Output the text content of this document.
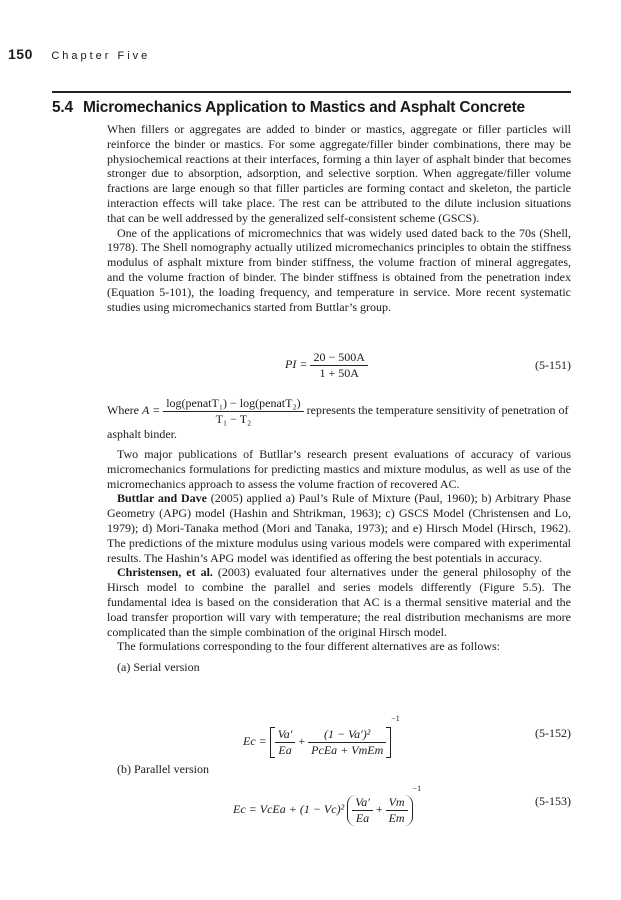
150 Chapter Five
5.4 Micromechanics Application to Mastics and Asphalt Concrete

When fillers or aggregates are added to binder or mastics, aggregate or filler particles will reinforce the binder or mastics. For some aggregate/filler binder combinations, there may be physiochemical reactions at their interfaces, forming a thin layer of asphalt binder that becomes stronger due to absorption, adsorption, and selective sorption. When aggregate/filler volume fractions are large enough so that filler particles are forming contact and skeleton, the particle interaction effects will take place. The rest can be attributed to the dilute inclusion situations that can be well addressed by the generalized self-consistent scheme (GSCS).

One of the applications of micromechnics that was widely used dated back to the 70s (Shell, 1978). The Shell nomography actually utilized micromechanics principles to obtain the stiffness modulus of asphalt mixture from binder stiffness, the volume fraction of mineral aggregates, and the volume fraction of binder. The binder stiffness is obtained from the penetration index (Equation 5-101), the loading frequency, and temperature in service. More recent systematic studies using micromechanics started from Buttlar’s group.

PI = $\frac{20 - 500A}{1 + 50A}$	(5-151)
Where $A = \frac{\text{log(penatT₁) − log(penatT₂)}}{\text{T₁ − T₂}}$ represents the temperature sensitivity of penetration of asphalt binder.

Two major publications of Butllar’s research present evaluations of accuracy of various micromechanics formulations for predicting mastics and mixture modulus, as well as use of the micromechanics approach to assess the volume fraction of recovered AC.

Buttlar and Dave (2005) applied a) Paul’s Rule of Mixture (Paul, 1960); b) Arbitrary Phase Geometry (APG) model (Hashin and Shtrikman, 1963); c) GSCS Model (Christensen and Lo, 1979); d) Mori-Tanaka method (Mori and Tanaka, 1973); and e) Hirsch Model (Hirsch, 1962). The predictions of the mixture modulus using various models were compared with experimental results. The Hashin’s APG model was identified as offering the best potentials in accuracy.

Christensen, et al. (2003) evaluated four alternatives under the general philosophy of the Hirsch model to combine the parallel and series models differently (Figure 5.5). The fundamental idea is based on the consideration that AC is a thermal sensitive material and the load transfer proportion will vary with temperature; the real distribution mechanisms are more complicated than the simple combination of the original Hirsch model.

The formulations corresponding to the four different alternatives are as follows:

(a) Serial version

$Ec = \frac{Va'}{Ea} + \frac{\text{(1 − Va′)²}}{\text{PcEa + VmEm}}$
$^{-1}$
(5-152)

(b) Parallel version

Ec = VcEa + $(1 - Vc)^2 \frac{Va'}{Ea} + \frac{Vm}{Em}$
$^{-1}$
(5-153)
